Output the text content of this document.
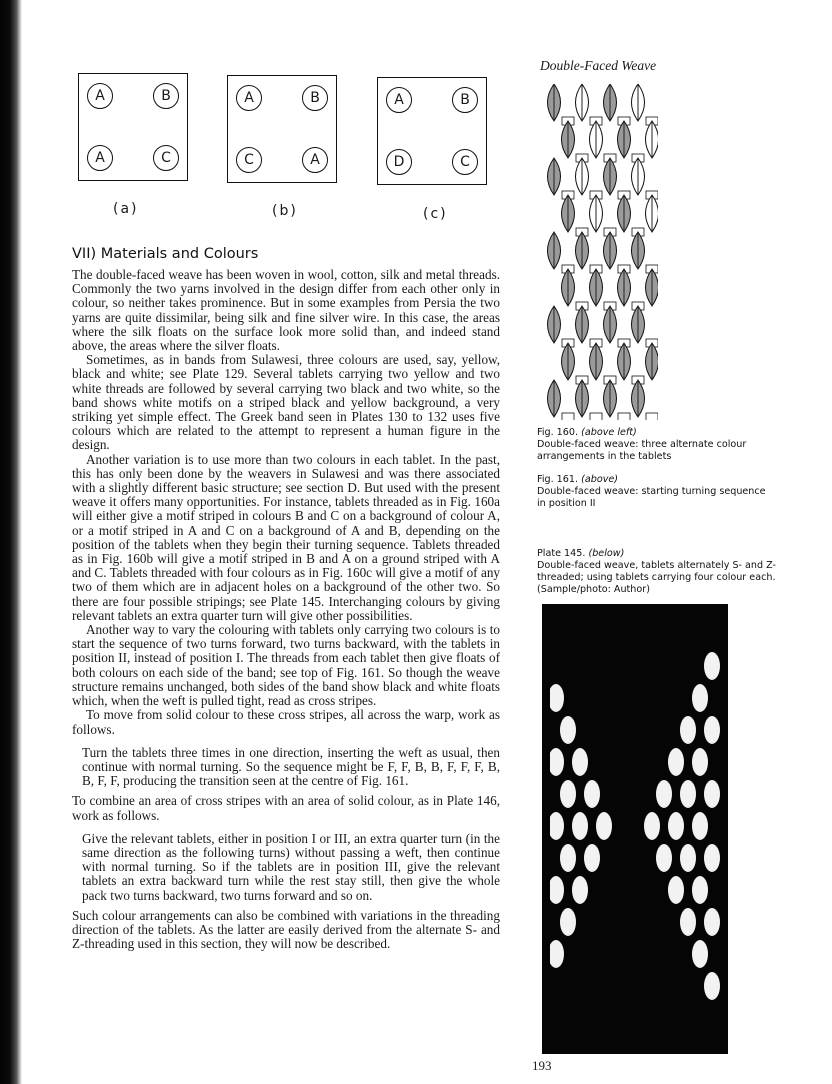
A	B
A	C
(a)
A	B
C	A
(b)
A	B
D	C
(c)
VII) Materials and Colours

The double-faced weave has been woven in wool, cotton, silk and metal threads. Commonly the two yarns involved in the design differ from each other only in colour, so neither takes prominence. But in some examples from Persia the two yarns are quite dissimilar, being silk and fine silver wire. In this case, the areas where the silk floats on the surface look more solid than, and indeed stand above, the areas where the silver floats.

Sometimes, as in bands from Sulawesi, three colours are used, say, yellow, black and white; see Plate 129. Several tablets carrying two yellow and two white threads are followed by several carrying two black and two white, so the band shows white motifs on a striped black and yellow background, a very striking yet simple effect. The Greek band seen in Plates 130 to 132 uses five colours which are related to the attempt to represent a human figure in the design.

Another variation is to use more than two colours in each tablet. In the past, this has only been done by the weavers in Sulawesi and was there associated with a slightly different basic structure; see section D. But used with the present weave it offers many opportunities. For instance, tablets threaded as in Fig. 160a will either give a motif striped in colours B and C on a background of colour A, or a motif striped in A and C on a background of A and B, depending on the position of the tablets when they begin their turning sequence. Tablets threaded as in Fig. 160b will give a motif striped in B and A on a ground striped with A and C. Tablets threaded with four colours as in Fig. 160c will give a motif of any two of them which are in adjacent holes on a background of the other two. So there are four possible stripings; see Plate 145. Interchanging colours by giving relevant tablets an extra quarter turn will give other possibilities.

Another way to vary the colouring with tablets only carrying two colours is to start the sequence of two turns forward, two turns backward, with the tablets in position II, instead of position I. The threads from each tablet then give floats of both colours on each side of the band; see top of Fig. 161. So though the weave structure remains unchanged, both sides of the band show black and white floats which, when the weft is pulled tight, read as cross stripes.

To move from solid colour to these cross stripes, all across the warp, work as follows.

Turn the tablets three times in one direction, inserting the weft as usual, then continue with normal turning. So the sequence might be F, F, B, B, F, F, F, B, B, F, F, producing the transition seen at the centre of Fig. 161.

To combine an area of cross stripes with an area of solid colour, as in Plate 146, work as follows.

Give the relevant tablets, either in position I or III, an extra quarter turn (in the same direction as the following turns) without passing a weft, then continue with normal turning. So if the tablets are in position III, give the relevant tablets an extra backward turn while the rest stay still, then give the whole pack two turns backward, two turns forward and so on.

Such colour arrangements can also be combined with variations in the threading direction of the tablets. As the latter are easily derived from the alternate S- and Z-threading used in this section, they will now be described.

Double-Faced Weave
Fig. 160. (above left)
Double-faced weave: three alternate colour arrangements in the tablets
Fig. 161. (above)
Double-faced weave: starting turning sequence in position II
Plate 145. (below)
Double-faced weave, tablets alternately S- and Z-threaded; using tablets carrying four colour each. (Sample/photo: Author)
193
